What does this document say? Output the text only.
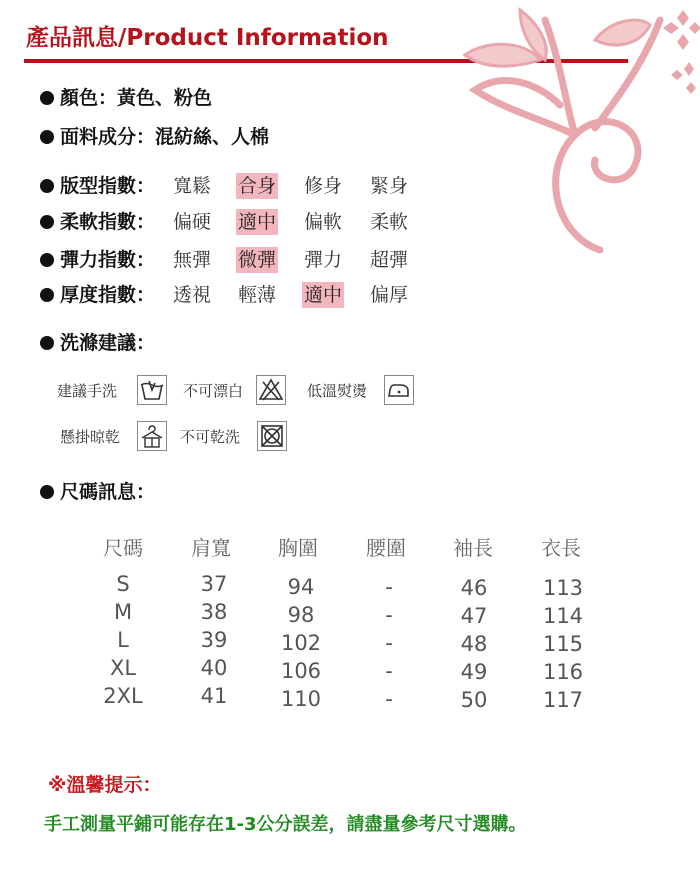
產品訊息/Product Information
顏色：黃色、粉色
面料成分：混紡絲、人棉
版型指數： 寬鬆 合身 修身 緊身
柔軟指數： 偏硬 適中 偏軟 柔軟
彈力指數： 無彈 微彈 彈力 超彈
厚度指數： 透視 輕薄 適中 偏厚
洗滌建議：
建議手洗	不可漂白	低溫熨燙
懸掛晾乾	不可乾洗
尺碼訊息：
尺碼	肩寬	胸圍	腰圍	袖長	衣長
S	37	94	-	46	113
M	38	98	-	47	114
L	39	102	-	48	115
XL	40	106	-	49	116
2XL	41	110	-	50	117
※溫馨提示：
手工測量平鋪可能存在1-3公分誤差，請盡量參考尺寸選購。
